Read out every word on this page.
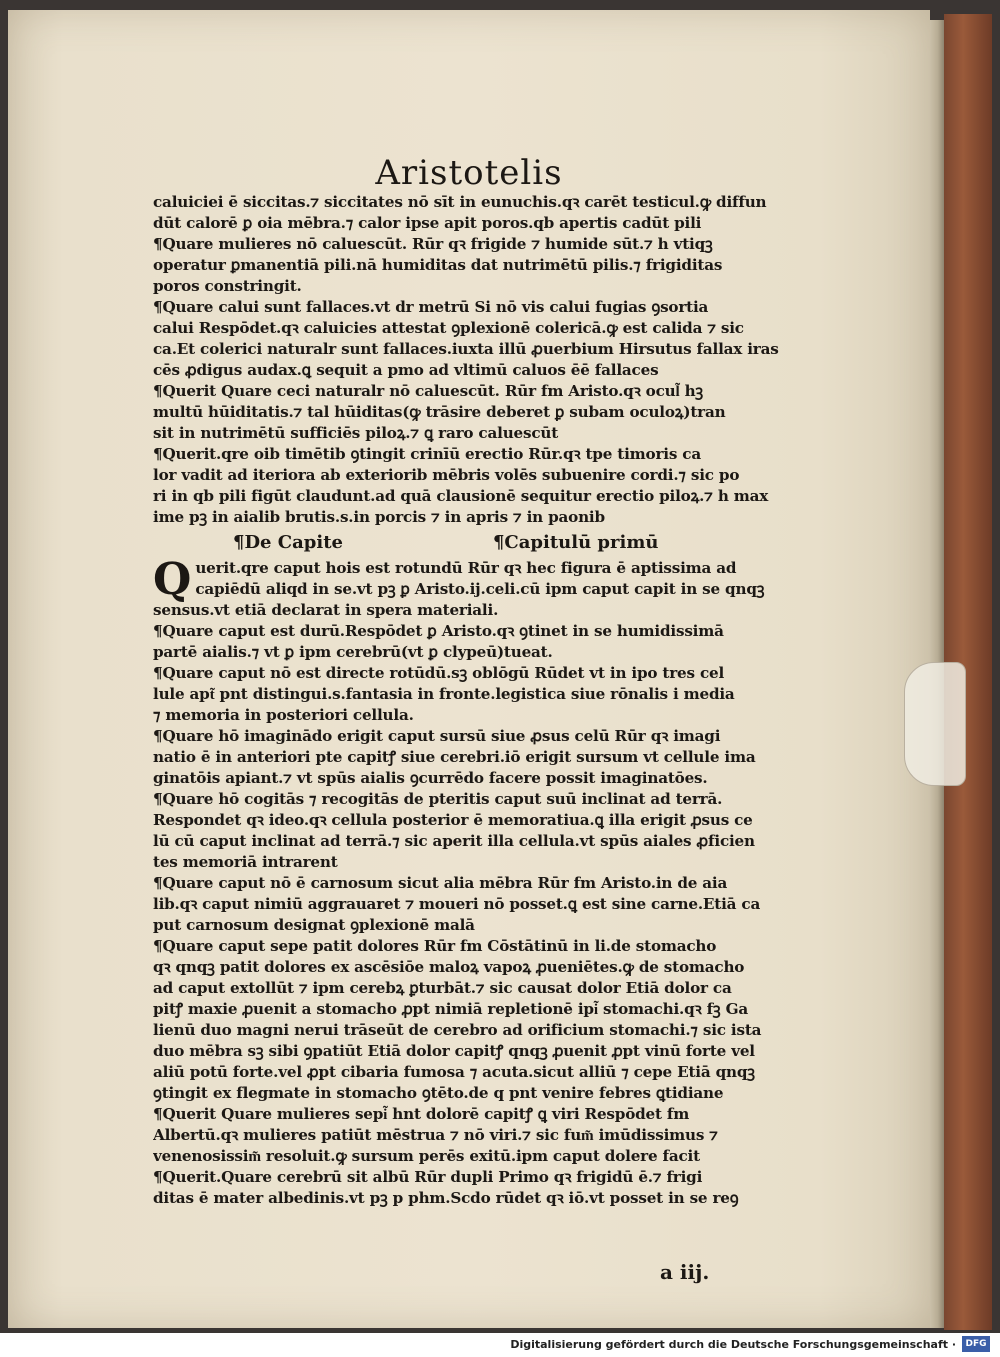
Aristotelis
caluiciei ē siccitas.⁊ siccitates nō sīt in eunuchis.qꝛ carēt testicul.ꝙ diffun
dūt calorē ꝑ oia mēbra.⁊ calor ipse apit poros.qb apertis cadūt pili
¶Quare mulieres nō caluescūt. Rūr qꝛ frigide ⁊ humide sūt.⁊ h vtiqꝫ
operatur ꝑmanentiā pili.nā humiditas dat nutrimētū pilis.⁊ frigiditas
poros constringit.
¶Quare calui sunt fallaces.vt dr metrū Si nō vis calui fugias ꝯsortia
calui Respōdet.qꝛ caluicies attestat ꝯplexionē colericā.ꝙ est calida ⁊ sic
ca.Et colerici naturalr sunt fallaces.iuxta illū ꝓuerbium Hirsutus fallax iras
cēs ꝓdigus audax.ꝗ sequit a pmo ad vltimū caluos ēē fallaces
¶Querit Quare ceci naturalr nō caluescūt. Rūr fm Aristo.qꝛ ocul͂ hꝫ
multū hūiditatis.⁊ tal hūiditas(ꝙ trāsire deberet ꝑ subam oculoꝝ)tran
sit in nutrimētū sufficiēs piloꝝ.⁊ ꝗ raro caluescūt
¶Querit.qre oib timētib ꝯtingit crinīū erectio Rūr.qꝛ tpe timoris ca
lor vadit ad iteriora ab exteriorib mēbris volēs subuenire cordi.⁊ sic po
ri in qb pili figūt claudunt.ad quā clausionē sequitur erectio piloꝝ.⁊ h max
ime pꝫ in aialib brutis.s.in porcis ⁊ in apris ⁊ in paonib
¶De Capite	¶Capitulū primū
Q uerit.qre caput hois est rotundū Rūr qꝛ hec figura ē aptissima ad
capiēdū aliqd in se.vt pꝫ ꝑ Aristo.ij.celi.cū ipm caput capit in se qnqꝫ
sensus.vt etiā declarat in spera materiali.
¶Quare caput est durū.Respōdet ꝑ Aristo.qꝛ ꝯtinet in se humidissimā
partē aialis.⁊ vt ꝑ ipm cerebrū(vt ꝑ clypeū)tueat.
¶Quare caput nō est directe rotūdū.sꝫ oblōgū Rūdet vt in ipo tres cel
lule apt͂ pnt distingui.s.fantasia in fronte.legistica siue rōnalis i media
⁊ memoria in posteriori cellula.
¶Quare hō imaginādo erigit caput sursū siue ꝓsus celū Rūr qꝛ imagi
natio ē in anteriori pte capitꝭ siue cerebri.iō erigit sursum vt cellule ima
ginatōis apiant.⁊ vt spūs aialis ꝯcurrēdo facere possit imaginatōes.
¶Quare hō cogitās ⁊ recogitās de pteritis caput suū inclinat ad terrā.
Respondet qꝛ ideo.qꝛ cellula posterior ē memoratiua.ꝗ illa erigit ꝓsus ce
lū cū caput inclinat ad terrā.⁊ sic aperit illa cellula.vt spūs aiales ꝓficien
tes memoriā intrarent
¶Quare caput nō ē carnosum sicut alia mēbra Rūr fm Aristo.in de aia
lib.qꝛ caput nimiū aggrauaret ⁊ moueri nō posset.ꝗ est sine carne.Etiā ca
put carnosum designat ꝯplexionē malā
¶Quare caput sepe patit dolores Rūr fm Cōstātinū in li.de stomacho
qꝛ qnqꝫ patit dolores ex ascēsiōe maloꝝ vapoꝝ ꝓueniētes.ꝙ de stomacho
ad caput extollūt ⁊ ipm cerebꝝ ꝑturbāt.⁊ sic causat dolor Etiā dolor ca
pitꝭ maxie ꝓuenit a stomacho ꝓpt nimiā repletionē ipi͂ stomachi.qꝛ fꝫ Ga
lienū duo magni nerui trāseūt de cerebro ad orificium stomachi.⁊ sic ista
duo mēbra sꝫ sibi ꝯpatiūt Etiā dolor capitꝭ qnqꝫ ꝓuenit ꝓpt vinū forte vel
aliū potū forte.vel ꝓpt cibaria fumosa ⁊ acuta.sicut alliū ⁊ cepe Etiā qnqꝫ
ꝯtingit ex flegmate in stomacho ꝯtēto.de q pnt venire febres ꝗtidiane
¶Querit Quare mulieres sepi͂ hnt dolorē capitꝭ ꝗ viri Respōdet fm
Albertū.qꝛ mulieres patiūt mēstrua ⁊ nō viri.⁊ sic fum͂ imūdissimus ⁊
venenosissim͂ resoluit.ꝙ sursum perēs exitū.ipm caput dolere facit
¶Querit.Quare cerebrū sit albū Rūr dupli Primo qꝛ frigidū ē.⁊ frigi
ditas ē mater albedinis.vt pꝫ p phm.Scdo rūdet qꝛ iō.vt posset in se reꝯ
a iij.
Digitalisierung gefördert durch die Deutsche Forschungsgemeinschaft ·	DFG
